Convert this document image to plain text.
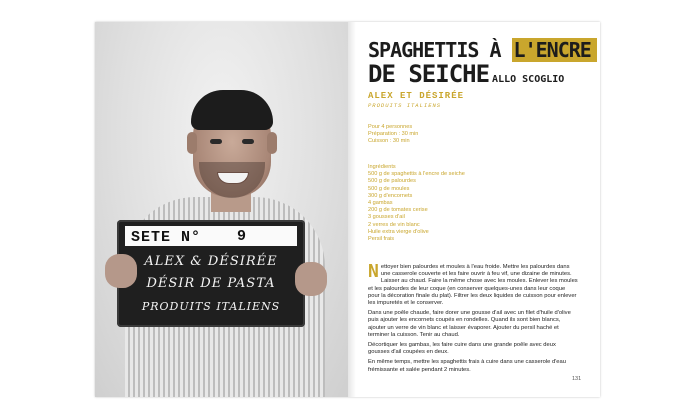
SETE N° 9
ALEX & DÉSIRÉE
DÉSIR DE PASTA
PRODUITS ITALIENS
SPAGHETTIS À L'ENCRE
DE SEICHE ALLO SCOGLIO
ALEX ET DÉSIRÉE
PRODUITS ITALIENS
Pour 4 personnes
Préparation : 30 min
Cuisson : 30 min
Ingrédients
500 g de spaghettis à l'encre de seiche
500 g de palourdes
500 g de moules
300 g d'encornets
4 gambas
200 g de tomates cerise
3 gousses d'ail
2 verres de vin blanc
Huile extra vierge d'olive
Persil frais

Nettoyer bien palourdes et moules à l'eau froide. Mettre les palourdes dans une casserole couverte et les faire ouvrir à feu vif, une dizaine de minutes. Laisser au chaud. Faire la même chose avec les moules. Enlever les moules et les palourdes de leur coque (en conserver quelques-unes dans leur coque pour la décoration finale du plat). Filtrer les deux liquides de cuisson pour enlever les impuretés et le conserver.

Dans une poêle chaude, faire dorer une gousse d'ail avec un filet d'huile d'olive puis ajouter les encornets coupés en rondelles. Quand ils sont bien blancs, ajouter un verre de vin blanc et laisser évaporer. Ajouter du persil haché et terminer la cuisson. Tenir au chaud.

Décortiquer les gambas, les faire cuire dans une grande poêle avec deux gousses d'ail coupées en deux.

En même temps, mettre les spaghettis frais à cuire dans une casserole d'eau frémissante et salée pendant 2 minutes.

131
